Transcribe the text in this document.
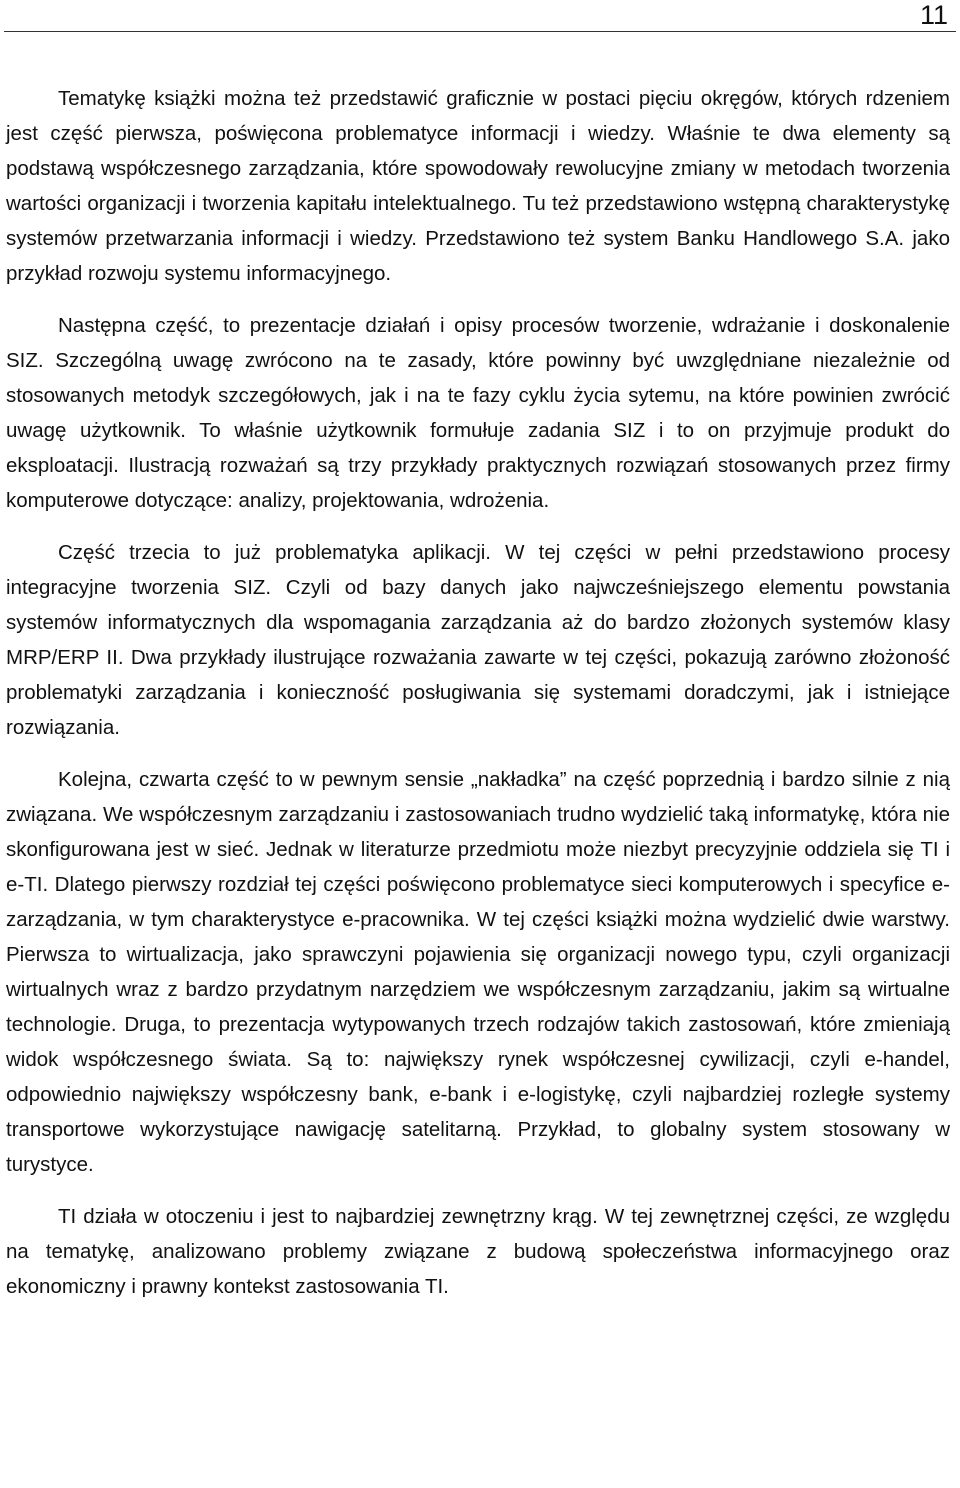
11

Tematykę książki można też przedstawić graficznie w postaci pięciu okręgów, których rdzeniem jest część pierwsza, poświęcona problematyce informacji i wiedzy. Właśnie te dwa elementy są podstawą współczesnego zarządzania, które spowodowały rewolucyjne zmiany w metodach tworzenia wartości organizacji i tworzenia kapitału intelektualnego. Tu też przedstawiono wstępną charakterystykę systemów przetwarzania informacji i wiedzy. Przedstawiono też system Banku Handlowego S.A. jako przykład rozwoju systemu informacyjnego.

Następna część, to prezentacje działań i opisy procesów tworzenie, wdrażanie i doskonalenie SIZ. Szczególną uwagę zwrócono na te zasady, które powinny być uwzględniane niezależnie od stosowanych metodyk szczegółowych, jak i na te fazy cyklu życia sytemu, na które powinien zwrócić uwagę użytkownik. To właśnie użytkownik formułuje zadania SIZ i to on przyjmuje produkt do eksploatacji. Ilustracją rozważań są trzy przykłady praktycznych rozwiązań stosowanych przez firmy komputerowe dotyczące: analizy, projektowania, wdrożenia.

Część trzecia to już problematyka aplikacji. W tej części w pełni przedstawiono procesy integracyjne tworzenia SIZ. Czyli od bazy danych jako najwcześniejszego elementu powstania systemów informatycznych dla wspomagania zarządzania aż do bardzo złożonych systemów klasy MRP/ERP II. Dwa przykłady ilustrujące rozważania zawarte w tej części, pokazują zarówno złożoność problematyki zarządzania i konieczność posługiwania się systemami doradczymi, jak i istniejące rozwiązania.

Kolejna, czwarta część to w pewnym sensie „nakładka” na część poprzednią i bardzo silnie z nią związana. We współczesnym zarządzaniu i zastosowaniach trudno wydzielić taką informatykę, która nie skonfigurowana jest w sieć. Jednak w literaturze przedmiotu może niezbyt precyzyjnie oddziela się TI i e-TI. Dlatego pierwszy rozdział tej części poświęcono problematyce sieci komputerowych i specyfice e-zarządzania, w tym charakterystyce e-pracownika. W tej części książki można wydzielić dwie warstwy. Pierwsza to wirtualizacja, jako sprawczyni pojawienia się organizacji nowego typu, czyli organizacji wirtualnych wraz z bardzo przydatnym narzędziem we współczesnym zarządzaniu, jakim są wirtualne technologie. Druga, to prezentacja wytypowanych trzech rodzajów takich zastosowań, które zmieniają widok współczesnego świata. Są to: największy rynek współczesnej cywilizacji, czyli e-handel, odpowiednio największy współczesny bank, e-bank i e-logistykę, czyli najbardziej rozległe systemy transportowe wykorzystujące nawigację satelitarną. Przykład, to globalny system stosowany w turystyce.

TI działa w otoczeniu i jest to najbardziej zewnętrzny krąg. W tej zewnętrznej części, ze względu na tematykę, analizowano problemy związane z budową społeczeństwa informacyjnego oraz ekonomiczny i prawny kontekst zastosowania TI.
